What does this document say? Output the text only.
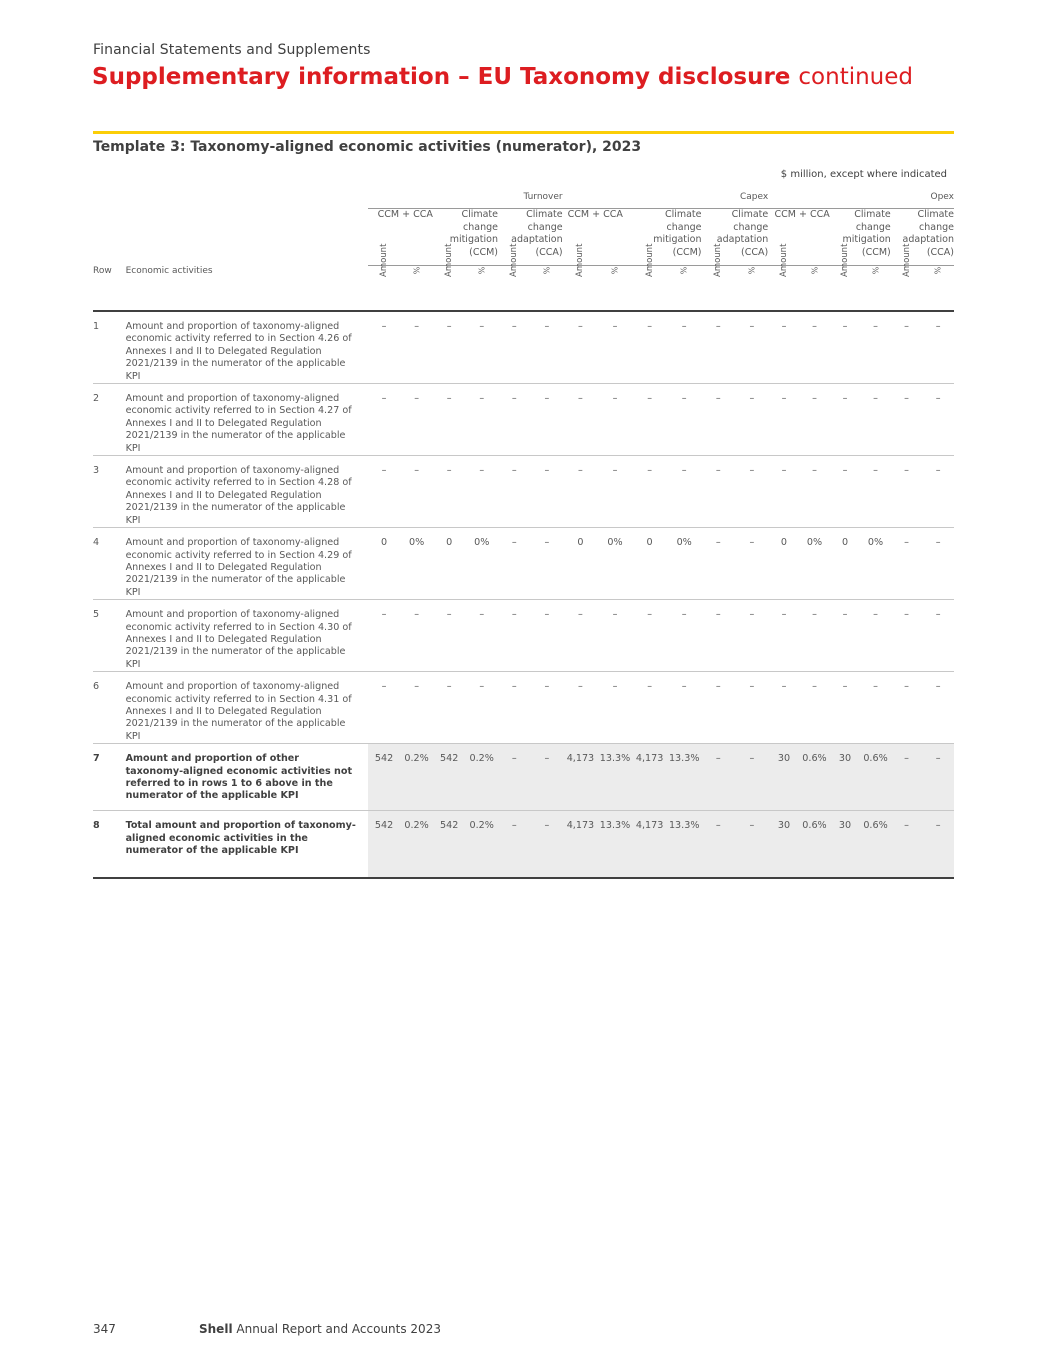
Financial Statements and Supplements
Supplementary information – EU Taxonomy disclosure continued
Template 3: Taxonomy-aligned economic activities (numerator), 2023
$ million, except where indicated
		Turnover						Capex						Opex					
		CCM + CCA		Climate change mitigation (CCM)		Climate change adaptation (CCA)		CCM + CCA		Climate change mitigation (CCM)		Climate change adaptation (CCA)		CCM + CCA		Climate change mitigation (CCM)		Climate change adaptation (CCA)	
Row	Economic activities	Amount	%	Amount	%	Amount	%	Amount	%	Amount	%	Amount	%	Amount	%	Amount	%	Amount	%
1	Amount and proportion of taxonomy-aligned economic activity referred to in Section 4.26 of Annexes I and II to Delegated Regulation 2021/2139 in the numerator of the applicable KPI	–	–	–	–	–	–	–	–	–	–	–	–	–	–	–	–	–	–
2	Amount and proportion of taxonomy-aligned economic activity referred to in Section 4.27 of Annexes I and II to Delegated Regulation 2021/2139 in the numerator of the applicable KPI	–	–	–	–	–	–	–	–	–	–	–	–	–	–	–	–	–	–
3	Amount and proportion of taxonomy-aligned economic activity referred to in Section 4.28 of Annexes I and II to Delegated Regulation 2021/2139 in the numerator of the applicable KPI	–	–	–	–	–	–	–	–	–	–	–	–	–	–	–	–	–	–
4	Amount and proportion of taxonomy-aligned economic activity referred to in Section 4.29 of Annexes I and II to Delegated Regulation 2021/2139 in the numerator of the applicable KPI	0	0%	0	0%	–	–	0	0%	0	0%	–	–	0	0%	0	0%	–	–
5	Amount and proportion of taxonomy-aligned economic activity referred to in Section 4.30 of Annexes I and II to Delegated Regulation 2021/2139 in the numerator of the applicable KPI	–	–	–	–	–	–	–	–	–	–	–	–	–	–	–	–	–	–
6	Amount and proportion of taxonomy-aligned economic activity referred to in Section 4.31 of Annexes I and II to Delegated Regulation 2021/2139 in the numerator of the applicable KPI	–	–	–	–	–	–	–	–	–	–	–	–	–	–	–	–	–	–
7	Amount and proportion of other taxonomy-aligned economic activities not referred to in rows 1 to 6 above in the numerator of the applicable KPI	542	0.2%	542	0.2%	–	–	4,173	13.3%	4,173	13.3%	–	–	30	0.6%	30	0.6%	–	–
8	Total amount and proportion of taxonomy-aligned economic activities in the numerator of the applicable KPI	542	0.2%	542	0.2%	–	–	4,173	13.3%	4,173	13.3%	–	–	30	0.6%	30	0.6%	–	–
347	Shell Annual Report and Accounts 2023
